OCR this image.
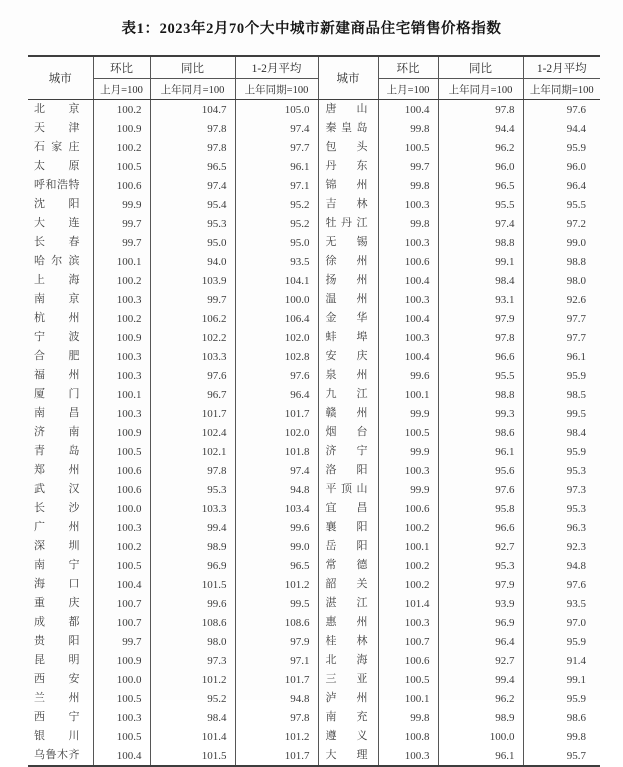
表1：2023年2月70个大中城市新建商品住宅销售价格指数
城市	环比	同比	1-2月平均	城市	环比	同比	1-2月平均
	上月=100	上年同月=100	上年同期=100		上月=100	上年同月=100	上年同期=100

北京	100.2	104.7	105.0	唐山	100.4	97.8	97.6

天津	100.9	97.8	97.4	秦皇岛	99.8	94.4	94.4

石家庄	100.2	97.8	97.7	包头	100.5	96.2	95.9

太原	100.5	96.5	96.1	丹东	99.7	96.0	96.0

呼和浩特	100.6	97.4	97.1	锦州	99.8	96.5	96.4

沈阳	99.9	95.4	95.2	吉林	100.3	95.5	95.5

大连	99.7	95.3	95.2	牡丹江	99.8	97.4	97.2

长春	99.7	95.0	95.0	无锡	100.3	98.8	99.0

哈尔滨	100.1	94.0	93.5	徐州	100.6	99.1	98.8

上海	100.2	103.9	104.1	扬州	100.4	98.4	98.0

南京	100.3	99.7	100.0	温州	100.3	93.1	92.6

杭州	100.2	106.2	106.4	金华	100.4	97.9	97.7

宁波	100.9	102.2	102.0	蚌埠	100.3	97.8	97.7

合肥	100.3	103.3	102.8	安庆	100.4	96.6	96.1

福州	100.3	97.6	97.6	泉州	99.6	95.5	95.9

厦门	100.1	96.7	96.4	九江	100.1	98.8	98.5

南昌	100.3	101.7	101.7	赣州	99.9	99.3	99.5

济南	100.9	102.4	102.0	烟台	100.5	98.6	98.4

青岛	100.5	102.1	101.8	济宁	99.9	96.1	95.9

郑州	100.6	97.8	97.4	洛阳	100.3	95.6	95.3

武汉	100.6	95.3	94.8	平顶山	99.9	97.6	97.3

长沙	100.0	103.3	103.4	宜昌	100.6	95.8	95.3

广州	100.3	99.4	99.6	襄阳	100.2	96.6	96.3

深圳	100.2	98.9	99.0	岳阳	100.1	92.7	92.3

南宁	100.5	96.9	96.5	常德	100.2	95.3	94.8

海口	100.4	101.5	101.2	韶关	100.2	97.9	97.6

重庆	100.7	99.6	99.5	湛江	101.4	93.9	93.5

成都	100.7	108.6	108.6	惠州	100.3	96.9	97.0

贵阳	99.7	98.0	97.9	桂林	100.7	96.4	95.9

昆明	100.9	97.3	97.1	北海	100.6	92.7	91.4

西安	100.0	101.2	101.7	三亚	100.5	99.4	99.1

兰州	100.5	95.2	94.8	泸州	100.1	96.2	95.9

西宁	100.3	98.4	97.8	南充	99.8	98.9	98.6

银川	100.5	101.4	101.2	遵义	100.8	100.0	99.8

乌鲁木齐	100.4	101.5	101.7	大理	100.3	96.1	95.7
